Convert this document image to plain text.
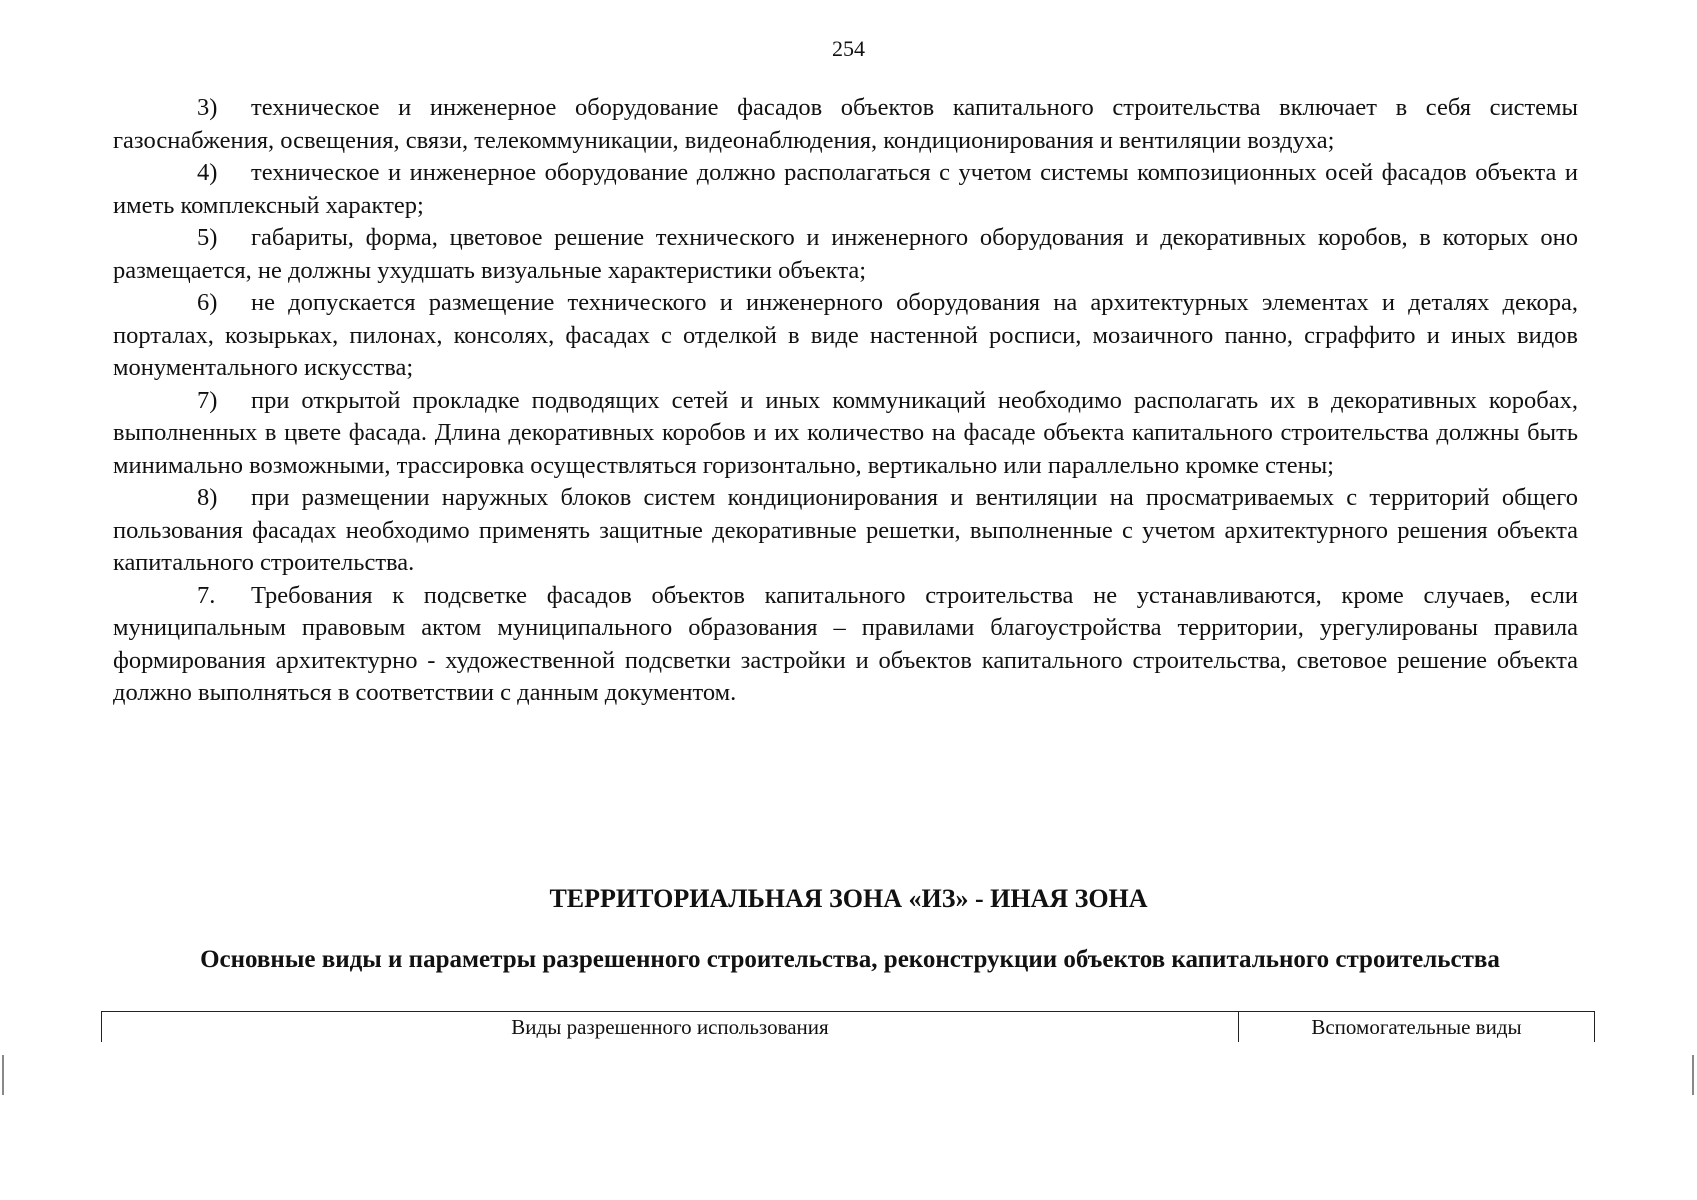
254

3) техническое и инженерное оборудование фасадов объектов капитального строительства включает в себя системы газоснабжения, освещения, связи, телекоммуникации, видеонаблюдения, кондиционирования и вентиляции воздуха;

4) техническое и инженерное оборудование должно располагаться с учетом системы композиционных осей фасадов объекта и иметь комплексный характер;

5) габариты, форма, цветовое решение технического и инженерного оборудования и декоративных коробов, в которых оно размещается, не должны ухудшать визуальные характеристики объекта;

6) не допускается размещение технического и инженерного оборудования на архитектурных элементах и деталях декора, порталах, козырьках, пилонах, консолях, фасадах с отделкой в виде настенной росписи, мозаичного панно, сграффито и иных видов монументального искусства;

7) при открытой прокладке подводящих сетей и иных коммуникаций необходимо располагать их в декоративных коробах, выполненных в цвете фасада. Длина декоративных коробов и их количество на фасаде объекта капитального строительства должны быть минимально возможными, трассировка осуществляться горизонтально, вертикально или параллельно кромке стены;

8) при размещении наружных блоков систем кондиционирования и вентиляции на просматриваемых с территорий общего пользования фасадах необходимо применять защитные декоративные решетки, выполненные с учетом архитектурного решения объекта капитального строительства.

7. Требования к подсветке фасадов объектов капитального строительства не устанавливаются, кроме случаев, если муниципальным правовым актом муниципального образования – правилами благоустройства территории, урегулированы правила формирования архитектурно - художественной подсветки застройки и объектов капитального строительства, световое решение объекта должно выполняться в соответствии с данным документом.

ТЕРРИТОРИАЛЬНАЯ ЗОНА «ИЗ» - ИНАЯ ЗОНА
Основные виды и параметры разрешенного строительства, реконструкции объектов капитального строительства
Виды разрешенного использования	Вспомогательные виды
